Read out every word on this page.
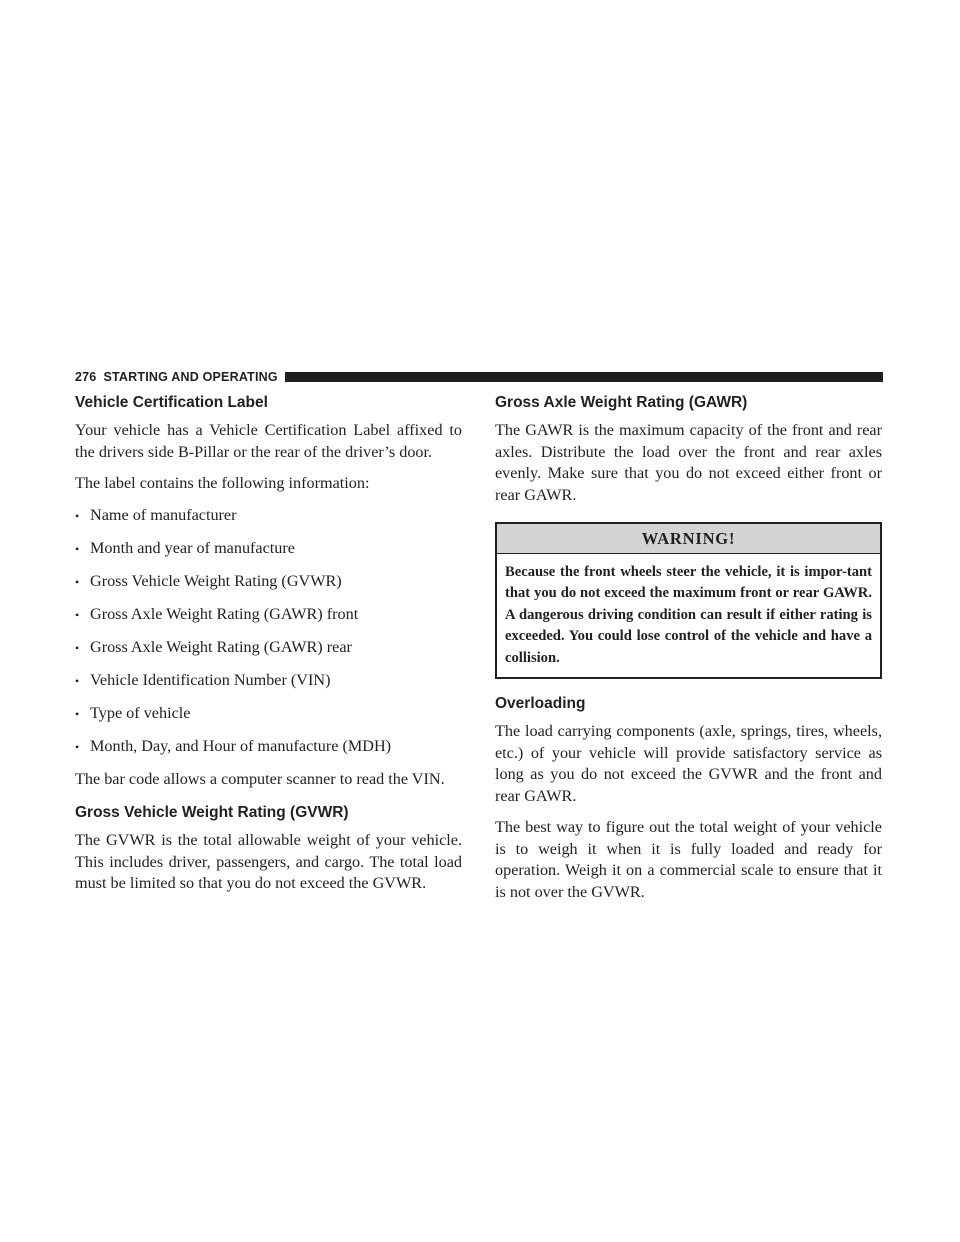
276 STARTING AND OPERATING
Vehicle Certification Label

Your vehicle has a Vehicle Certification Label affixed to the drivers side B-Pillar or the rear of the driver’s door.

The label contains the following information:

• Name of manufacturer
• Month and year of manufacture
• Gross Vehicle Weight Rating (GVWR)
• Gross Axle Weight Rating (GAWR) front
• Gross Axle Weight Rating (GAWR) rear
• Vehicle Identification Number (VIN)
• Type of vehicle
• Month, Day, and Hour of manufacture (MDH)

The bar code allows a computer scanner to read the VIN.

Gross Vehicle Weight Rating (GVWR)

The GVWR is the total allowable weight of your vehicle. This includes driver, passengers, and cargo. The total load must be limited so that you do not exceed the GVWR.

Gross Axle Weight Rating (GAWR)

The GAWR is the maximum capacity of the front and rear axles. Distribute the load over the front and rear axles evenly. Make sure that you do not exceed either front or rear GAWR.

WARNING!

Because the front wheels steer the vehicle, it is impor-tant that you do not exceed the maximum front or rear GAWR. A dangerous driving condition can result if either rating is exceeded. You could lose control of the vehicle and have a collision.

Overloading

The load carrying components (axle, springs, tires, wheels, etc.) of your vehicle will provide satisfactory service as long as you do not exceed the GVWR and the front and rear GAWR.

The best way to figure out the total weight of your vehicle is to weigh it when it is fully loaded and ready for operation. Weigh it on a commercial scale to ensure that it is not over the GVWR.
